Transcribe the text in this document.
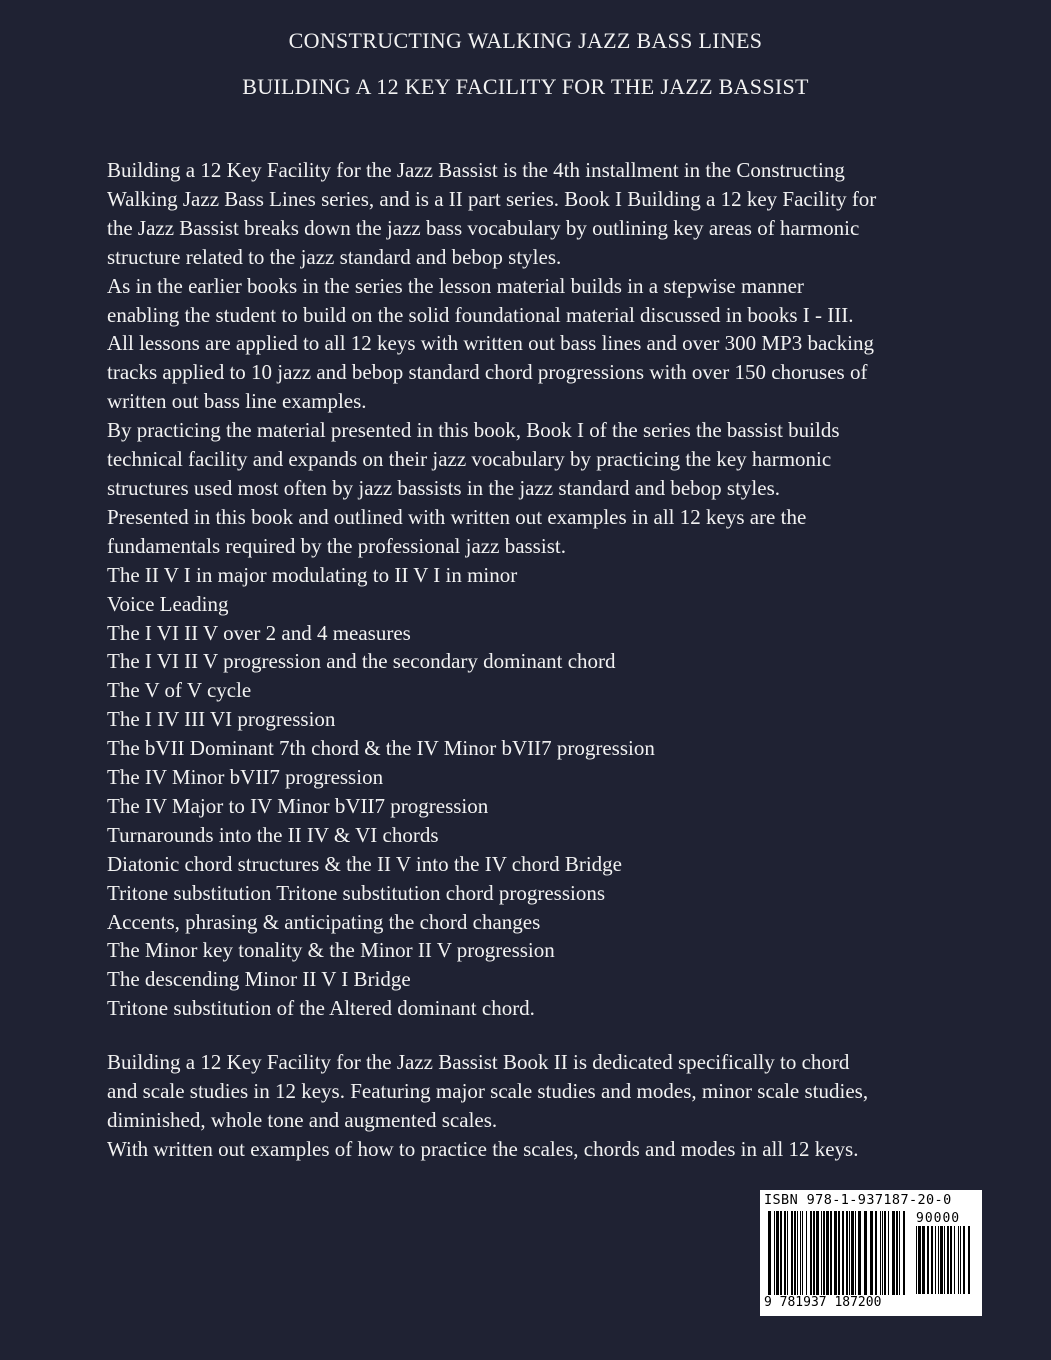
CONSTRUCTING WALKING JAZZ BASS LINES
BUILDING A 12 KEY FACILITY FOR THE JAZZ BASSIST
Building a 12 Key Facility for the Jazz Bassist is the 4th installment in the Constructing
Walking Jazz Bass Lines series, and is a II part series. Book I Building a 12 key Facility for
the Jazz Bassist breaks down the jazz bass vocabulary by outlining key areas of harmonic
structure related to the jazz standard and bebop styles.
As in the earlier books in the series the lesson material builds in a stepwise manner
enabling the student to build on the solid foundational material discussed in books I - III.
All lessons are applied to all 12 keys with written out bass lines and over 300 MP3 backing
tracks applied to 10 jazz and bebop standard chord progressions with over 150 choruses of
written out bass line examples.
By practicing the material presented in this book, Book I of the series the bassist builds
technical facility and expands on their jazz vocabulary by practicing the key harmonic
structures used most often by jazz bassists in the jazz standard and bebop styles.
Presented in this book and outlined with written out examples in all 12 keys are the
fundamentals required by the professional jazz bassist.
The II V I in major modulating to II V I in minor
Voice Leading
The I VI II V over 2 and 4 measures
The I VI II V progression and the secondary dominant chord
The V of V cycle
The I IV III VI progression
The bVII Dominant 7th chord & the IV Minor bVII7 progression
The IV Minor bVII7 progression
The IV Major to IV Minor bVII7 progression
Turnarounds into the II IV & VI chords
Diatonic chord structures & the II V into the IV chord Bridge
Tritone substitution Tritone substitution chord progressions
Accents, phrasing & anticipating the chord changes
The Minor key tonality & the Minor II V progression
The descending Minor II V I Bridge
Tritone substitution of the Altered dominant chord.
Building a 12 Key Facility for the Jazz Bassist Book II is dedicated specifically to chord
and scale studies in 12 keys. Featuring major scale studies and modes, minor scale studies,
diminished, whole tone and augmented scales.
With written out examples of how to practice the scales, chords and modes in all 12 keys.
ISBN 978-1-937187-20-0
90000
9 781937 187200
